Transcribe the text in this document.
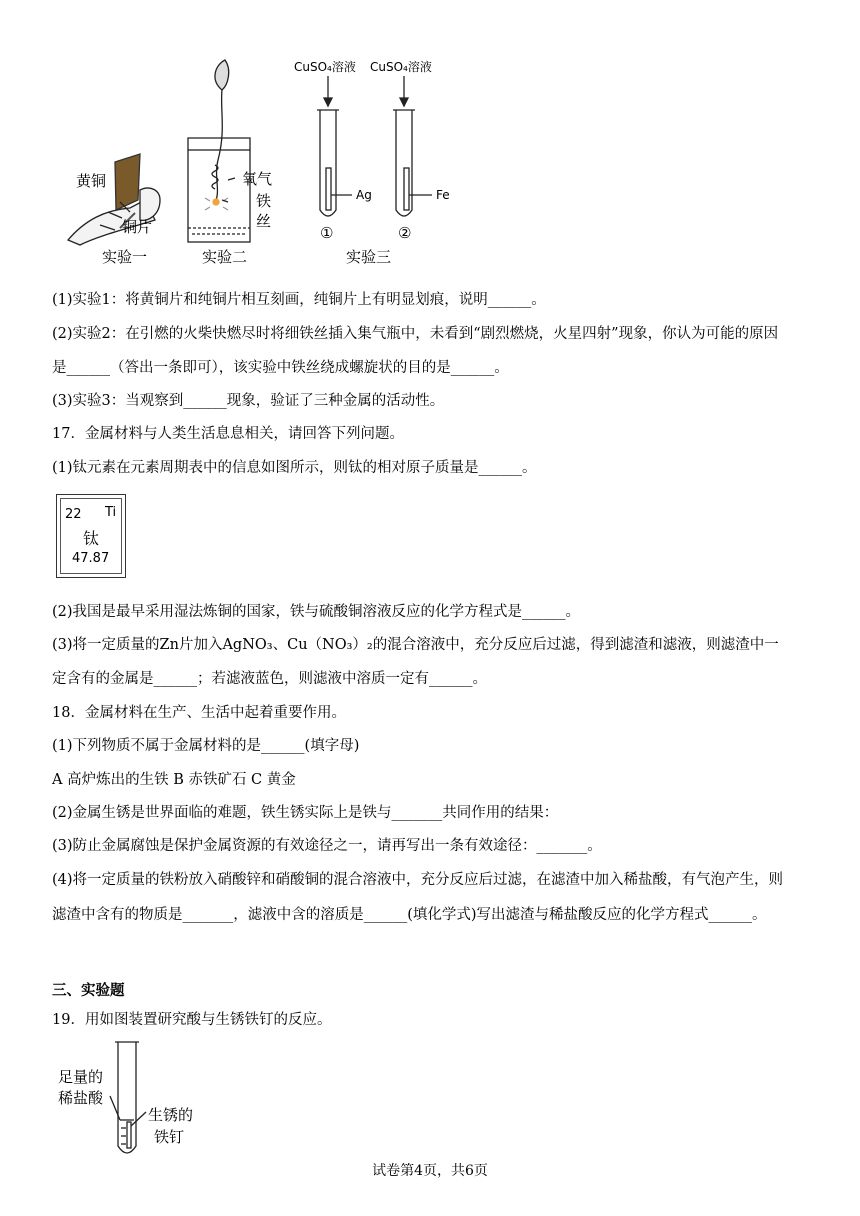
黄铜
铜片
实验一
氧气
铁
丝
实验二
CuSO₄溶液 CuSO₄溶液
Ag	Fe
①	②
实验三
(1)实验1：将黄铜片和纯铜片相互刻画，纯铜片上有明显划痕，说明______。
(2)实验2：在引燃的火柴快燃尽时将细铁丝插入集气瓶中，未看到“剧烈燃烧，火星四射”现象，你认为可能的原因
是______（答出一条即可），该实验中铁丝绕成螺旋状的目的是______。
(3)实验3：当观察到______现象，验证了三种金属的活动性。
17．金属材料与人类生活息息相关，请回答下列问题。
(1)钛元素在元素周期表中的信息如图所示，则钛的相对原子质量是______。
22 Ti
钛
47.87
(2)我国是最早采用湿法炼铜的国家，铁与硫酸铜溶液反应的化学方程式是______。
(3)将一定质量的Zn片加入AgNO₃、Cu（NO₃）₂的混合溶液中，充分反应后过滤，得到滤渣和滤液，则滤渣中一
定含有的金属是______；若滤液蓝色，则滤液中溶质一定有______。
18．金属材料在生产、生活中起着重要作用。
(1)下列物质不属于金属材料的是______(填字母)
A 高炉炼出的生铁 B 赤铁矿石 C 黄金
(2)金属生锈是世界面临的难题，铁生锈实际上是铁与_______共同作用的结果：
(3)防止金属腐蚀是保护金属资源的有效途径之一，请再写出一条有效途径：_______。
(4)将一定质量的铁粉放入硝酸锌和硝酸铜的混合溶液中，充分反应后过滤，在滤渣中加入稀盐酸，有气泡产生，则
滤渣中含有的物质是_______，滤液中含的溶质是______(填化学式)写出滤渣与稀盐酸反应的化学方程式______。
三、实验题
19．用如图装置研究酸与生锈铁钉的反应。
足量的
稀盐酸
生锈的
铁钉
试卷第4页，共6页
